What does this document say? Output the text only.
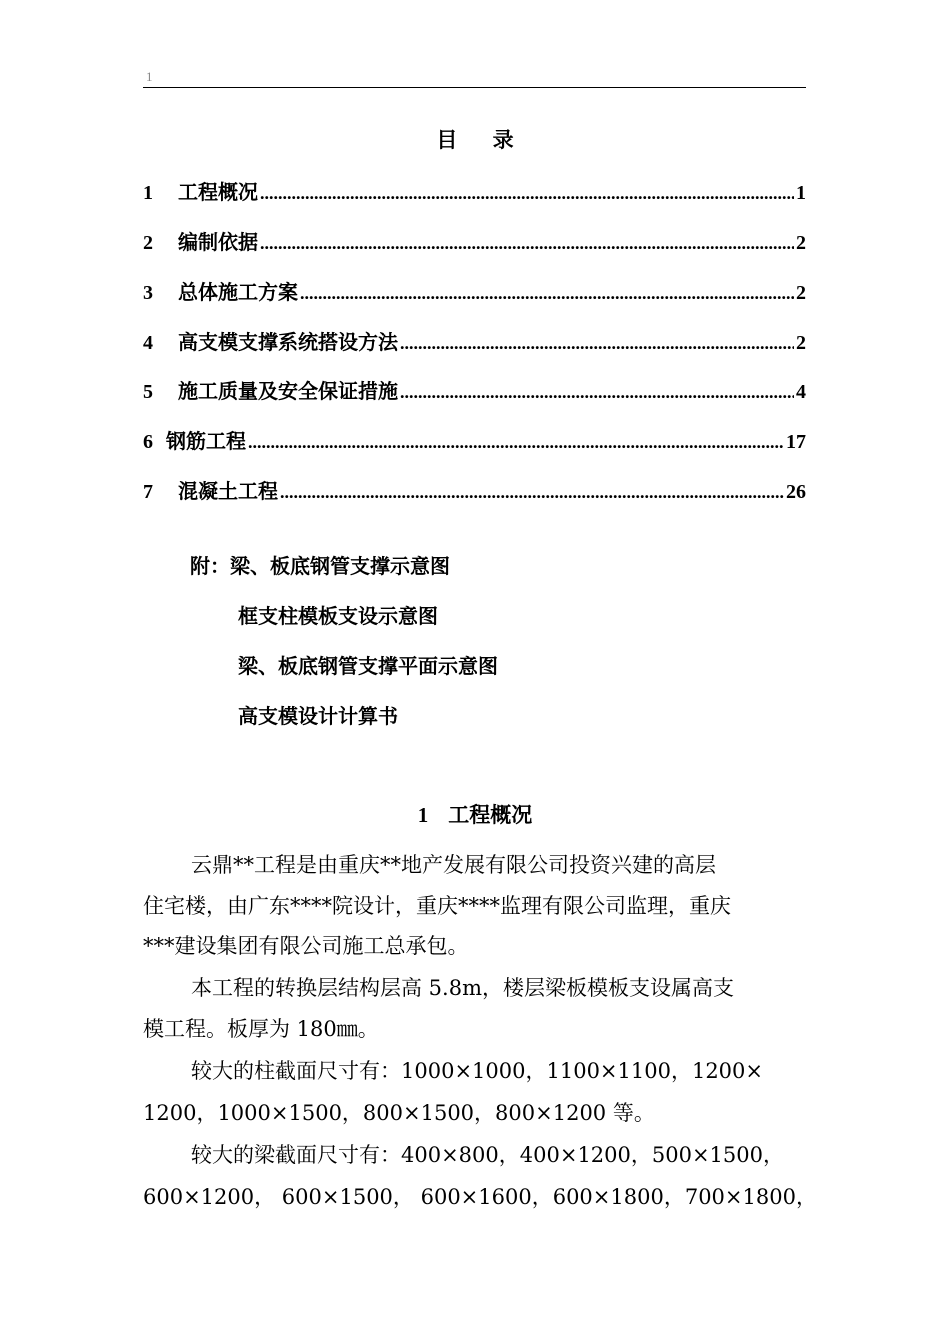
1
目 录
1	工程概况 .....	1
2	编制依据 .....	2
3	总体施工方案 .....	2
4	高支模支撑系统搭设方法 .....	2
5	施工质量及安全保证措施 .....	4
6 钢筋工程 .....	17
7	混凝土工程 .....	26
附：梁、板底钢管支撑示意图
框支柱模板支设示意图
梁、板底钢管支撑平面示意图
高支模设计计算书
1 工程概况
云鼎**工程是由重庆**地产发展有限公司投资兴建的高层
住宅楼，由广东****院设计，重庆****监理有限公司监理，重庆
***建设集团有限公司施工总承包。
本工程的转换层结构层高 5.8m，楼层梁板模板支设属高支
模工程。板厚为 180㎜。
较大的柱截面尺寸有：1000×1000，1100×1100，1200×
1200，1000×1500，800×1500，800×1200 等。
较大的梁截面尺寸有：400×800，400×1200，500×1500，
600×1200， 600×1500， 600×1600，600×1800，700×1800，
